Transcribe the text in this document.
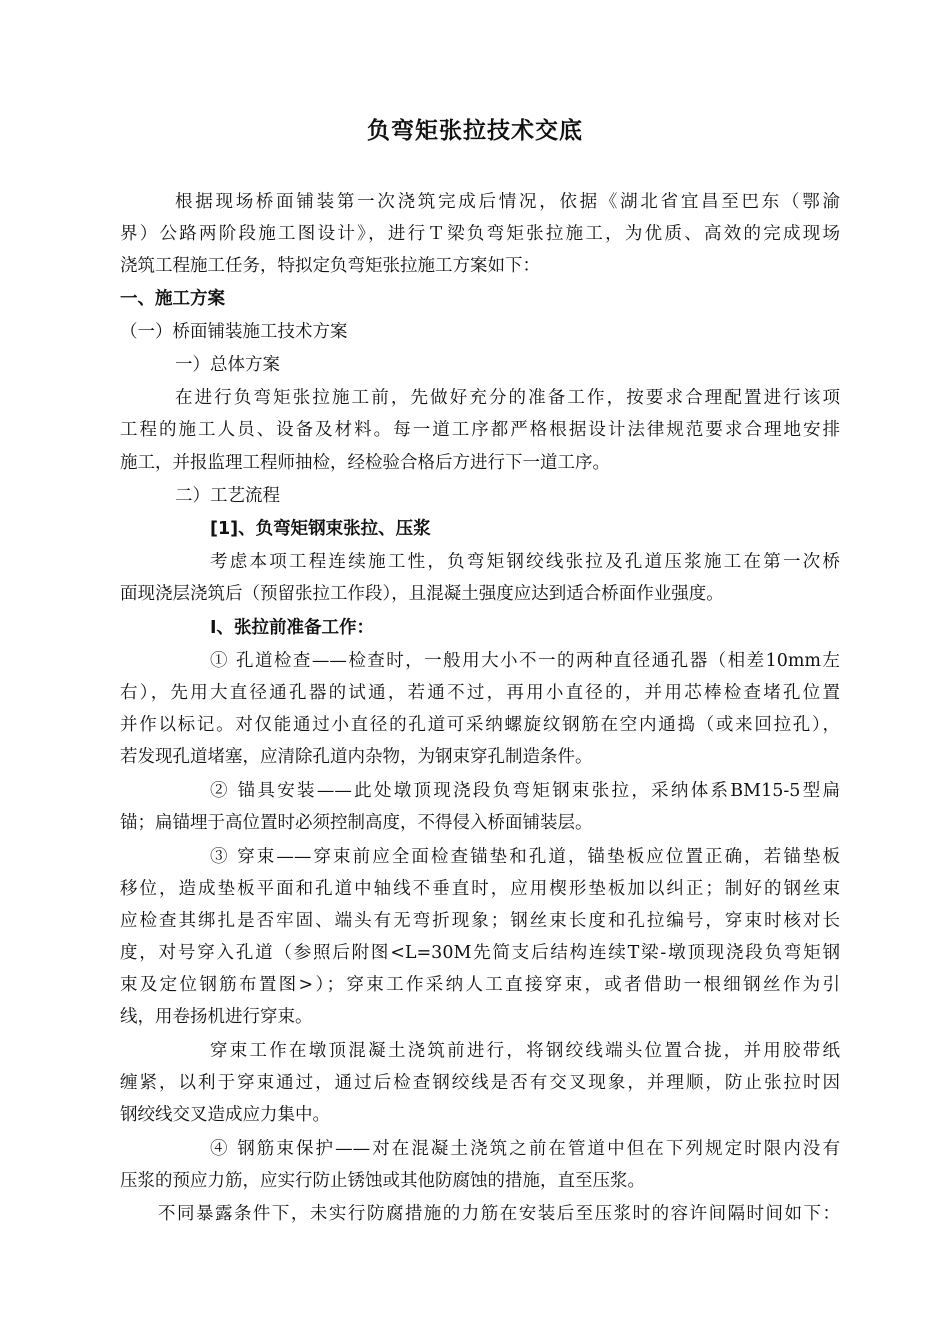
负弯矩张拉技术交底
根据现场桥面铺装第一次浇筑完成后情况，依据《湖北省宜昌至巴东（鄂渝
界）公路两阶段施工图设计》，进行Ｔ梁负弯矩张拉施工，为优质、高效的完成现场
浇筑工程施工任务，特拟定负弯矩张拉施工方案如下：
一、施工方案
（一）桥面铺装施工技术方案
一）总体方案
在进行负弯矩张拉施工前，先做好充分的准备工作，按要求合理配置进行该项
工程的施工人员、设备及材料。每一道工序都严格根据设计法律规范要求合理地安排
施工，并报监理工程师抽检，经检验合格后方进行下一道工序。
二）工艺流程
[1]、负弯矩钢束张拉、压浆
考虑本项工程连续施工性，负弯矩钢绞线张拉及孔道压浆施工在第一次桥
面现浇层浇筑后（预留张拉工作段），且混凝土强度应达到适合桥面作业强度。
Ⅰ、张拉前准备工作：
① 孔道检查——检查时，一般用大小不一的两种直径通孔器（相差10mm左
右），先用大直径通孔器的试通，若通不过，再用小直径的，并用芯棒检查堵孔位置
并作以标记。对仅能通过小直径的孔道可采纳螺旋纹钢筋在空内通捣（或来回拉孔），
若发现孔道堵塞，应清除孔道内杂物，为钢束穿孔制造条件。
② 锚具安装——此处墩顶现浇段负弯矩钢束张拉，采纳体系BM15-5型扁
锚；扁锚埋于高位置时必须控制高度，不得侵入桥面铺装层。
③ 穿束——穿束前应全面检查锚垫和孔道，锚垫板应位置正确，若锚垫板
移位，造成垫板平面和孔道中轴线不垂直时，应用楔形垫板加以纠正；制好的钢丝束
应检查其绑扎是否牢固、端头有无弯折现象；钢丝束长度和孔拉编号，穿束时核对长
度，对号穿入孔道（参照后附图<L=30M先简支后结构连续T梁-墩顶现浇段负弯矩钢
束及定位钢筋布置图>）；穿束工作采纳人工直接穿束，或者借助一根细钢丝作为引
线，用卷扬机进行穿束。
穿束工作在墩顶混凝土浇筑前进行，将钢绞线端头位置合拢，并用胶带纸
缠紧，以利于穿束通过，通过后检查钢绞线是否有交叉现象，并理顺，防止张拉时因
钢绞线交叉造成应力集中。
④ 钢筋束保护——对在混凝土浇筑之前在管道中但在下列规定时限内没有
压浆的预应力筋，应实行防止锈蚀或其他防腐蚀的措施，直至压浆。
不同暴露条件下，未实行防腐措施的力筋在安装后至压浆时的容许间隔时间如下：
